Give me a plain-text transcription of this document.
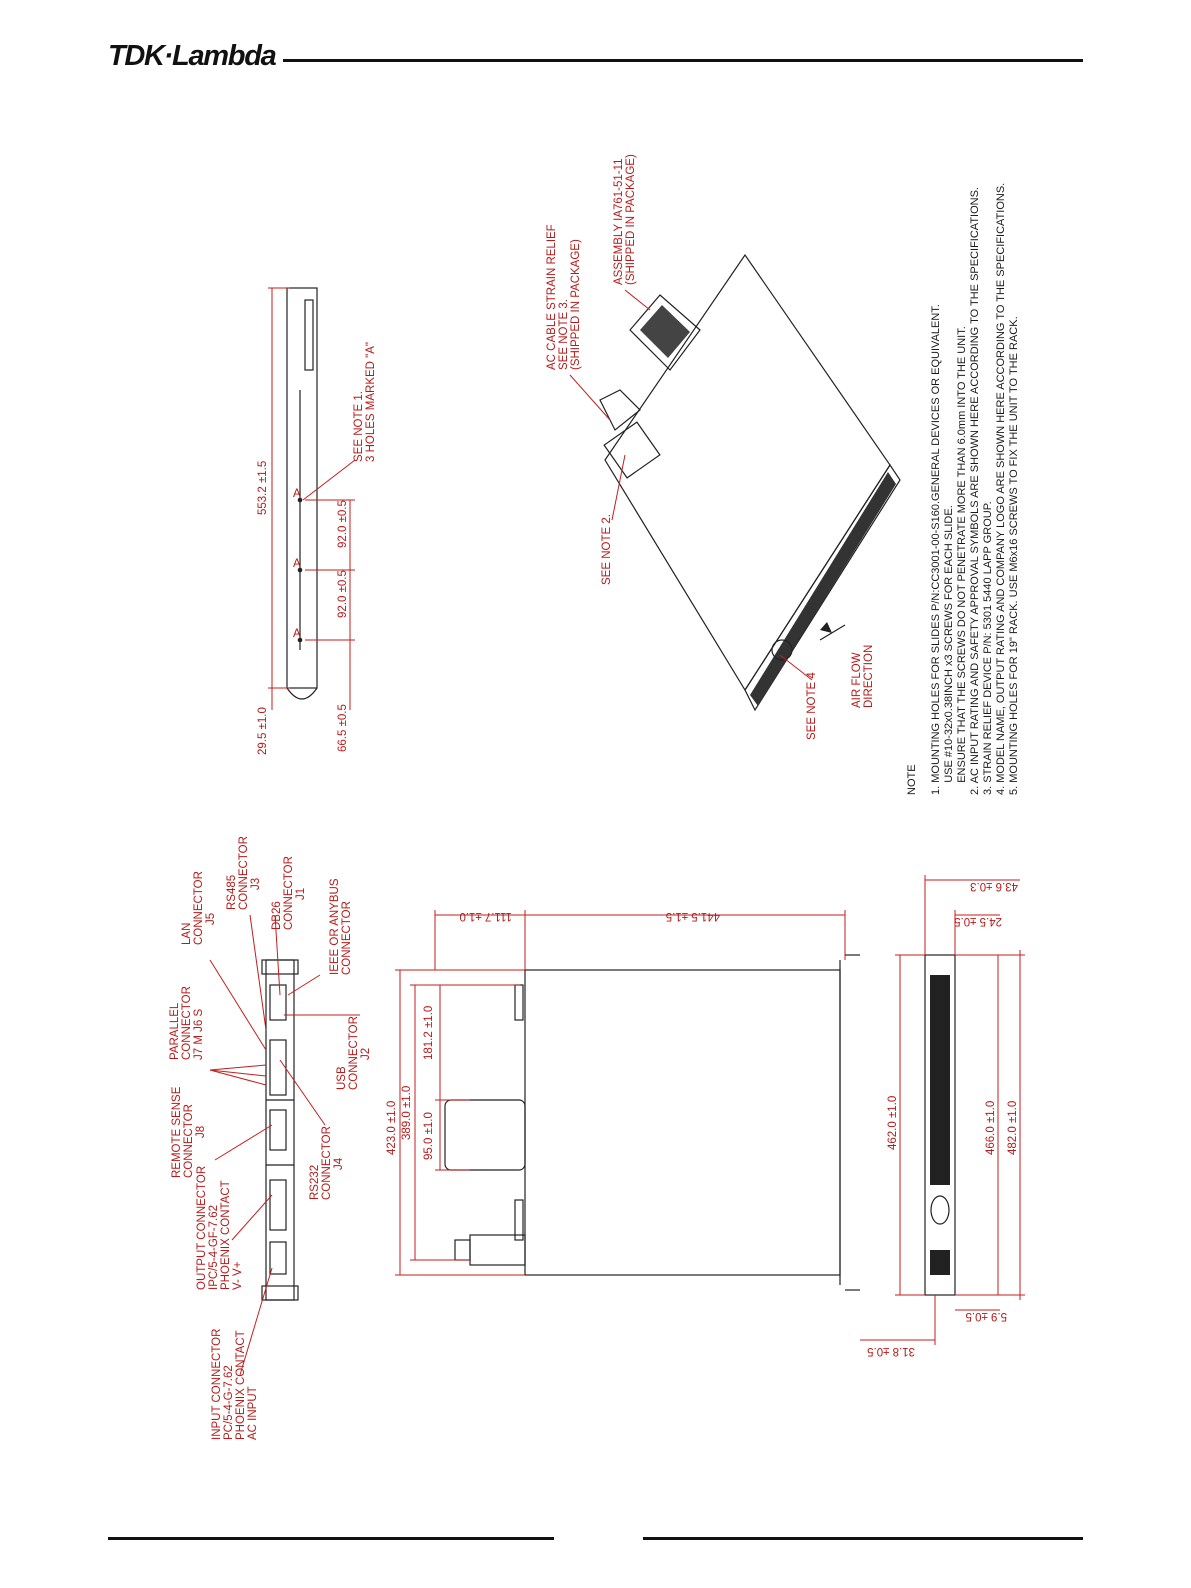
TDK·Lambda
INPUT CONNECTOR PC/5-4-G-7.62 PHOENIX CONTACT AC INPUT
OUTPUT CONNECTOR IPC/5-4-GF-7.62 PHOENIX CONTACT V- V+
REMOTE SENSE CONNECTOR J8
PARALLEL CONNECTOR J7 M J6 S
LAN CONNECTOR J5
RS485 CONNECTOR J3
DB26 CONNECTOR J1 IEEE OR ANYBUS CONNECTOR
USB CONNECTOR J2
RS232 CONNECTOR J4
A
A
A
553.2 ±1.5
29.5 ±1.0	66.5 ±0.5
92.0 ±0.5
92.0 ±0.5
SEE NOTE 1. 3 HOLES MARKED "A"
423.0 ±1.0 389.0 ±1.0
181.2 ±1.0
95.0 ±1.0
111.7 ±1.0	441.5 ±1.5
462.0 ±1.0	466.0 ±1.0 482.0 ±1.0
43.6 ±0.3
24.5 ±0.5
5.9 ±0.5
31.8 ±0.5
AC CABLE STRAIN RELIEF SEE NOTE 3. (SHIPPED IN PACKAGE)
ASSEMBLY IA761-51-11 (SHIPPED IN PACKAGE)
SEE NOTE 2.
SEE NOTE 4	AIR FLOW DIRECTION
NOTE 1. MOUNTING HOLES FOR SLIDES P/N:CC3001-00-S160.GENERAL DEVICES OR EQUIVALENT. USE #10-32x0.38INCH x3 SCREWS FOR EACH SLIDE. ENSURE THAT THE SCREWS DO NOT PENETRATE MORE THAN 6.0mm INTO THE UNIT. 2. AC INPUT RATING AND SAFETY APPROVAL SYMBOLS ARE SHOWN HERE ACCORDING TO THE SPECIFICATIONS. 3. STRAIN RELIEF DEVICE P/N: 5301 5440 LAPP GROUP. 4. MODEL NAME, OUTPUT RATING AND COMPANY LOGO ARE SHOWN HERE ACCORDING TO THE SPECIFICATIONS. 5. MOUNTING HOLES FOR 19" RACK. USE M6x16 SCREWS TO FIX THE UNIT TO THE RACK.
